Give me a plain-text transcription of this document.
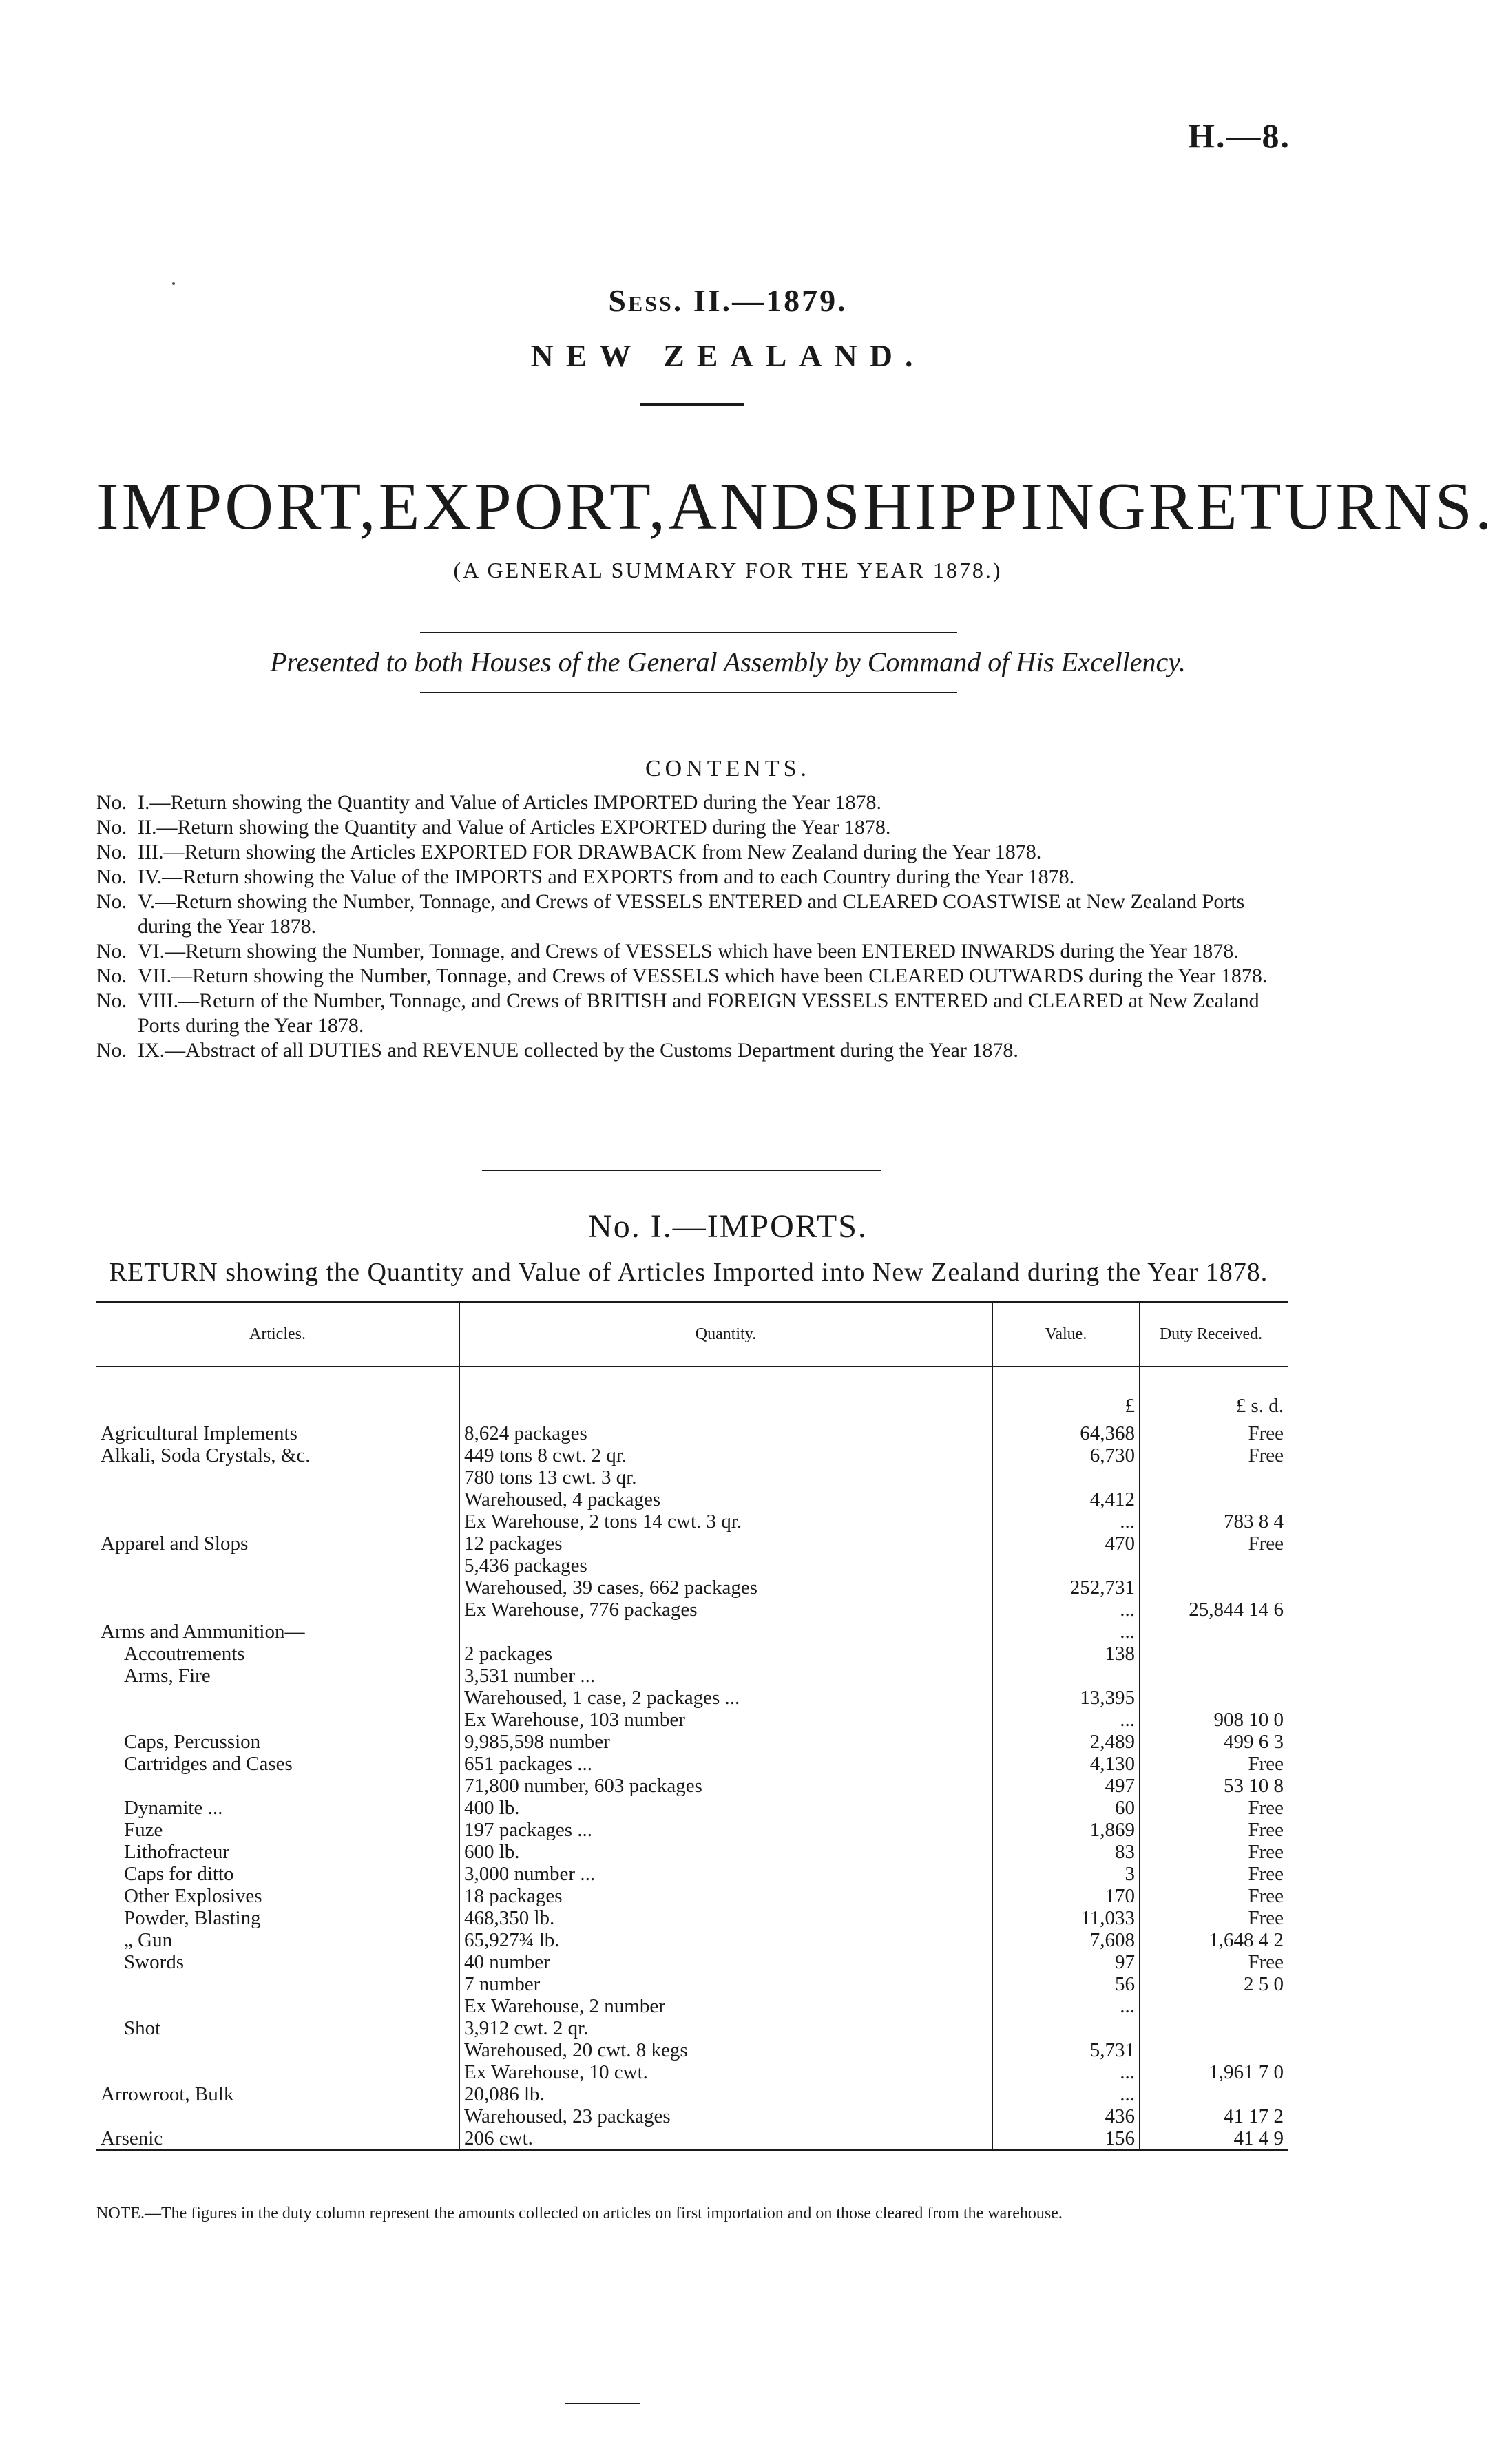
H.—8.
Sess. II.—1879.
NEW ZEALAND.
IMPORT, EXPORT, AND SHIPPING RETURNS.
(A GENERAL SUMMARY FOR THE YEAR 1878.)
Presented to both Houses of the General Assembly by Command of His Excellency.
CONTENTS.
No. I.—Return showing the Quantity and Value of Articles IMPORTED during the Year 1878.
No. II.—Return showing the Quantity and Value of Articles EXPORTED during the Year 1878.
No. III.—Return showing the Articles EXPORTED FOR DRAWBACK from New Zealand during the Year 1878.
No. IV.—Return showing the Value of the IMPORTS and EXPORTS from and to each Country during the Year 1878.
No. V.—Return showing the Number, Tonnage, and Crews of VESSELS ENTERED and CLEARED COASTWISE at New Zealand Ports during the Year 1878.
No. VI.—Return showing the Number, Tonnage, and Crews of VESSELS which have been ENTERED INWARDS during the Year 1878.
No. VII.—Return showing the Number, Tonnage, and Crews of VESSELS which have been CLEARED OUTWARDS during the Year 1878.
No. VIII.—Return of the Number, Tonnage, and Crews of BRITISH and FOREIGN VESSELS ENTERED and CLEARED at New Zealand Ports during the Year 1878.
No. IX.—Abstract of all DUTIES and REVENUE collected by the Customs Department during the Year 1878.
No. I.—IMPORTS.
RETURN showing the Quantity and Value of Articles Imported into New Zealand during the Year 1878.
Articles.	Quantity.	Value.	Duty Received.

		£	£ s. d.
Agricultural Implements	8,624 packages	64,368	Free
Alkali, Soda Crystals, &c.	449 tons 8 cwt. 2 qr.	6,730	Free
	780 tons 13 cwt. 3 qr.		
	Warehoused, 4 packages	4,412	
	Ex Warehouse, 2 tons 14 cwt. 3 qr.	...	783 8 4
Apparel and Slops	12 packages	470	Free
	5,436 packages		
	Warehoused, 39 cases, 662 packages	252,731	
	Ex Warehouse, 776 packages	...	25,844 14 6
Arms and Ammunition—		...	
Accoutrements	2 packages	138	
Arms, Fire	3,531 number ...		
	Warehoused, 1 case, 2 packages ...	13,395	
	Ex Warehouse, 103 number	...	908 10 0
Caps, Percussion	9,985,598 number	2,489	499 6 3
Cartridges and Cases	651 packages ...	4,130	Free
	71,800 number, 603 packages	497	53 10 8
Dynamite ...	400 lb.	60	Free
Fuze	197 packages ...	1,869	Free
Lithofracteur	600 lb.	83	Free
Caps for ditto	3,000 number ...	3	Free
Other Explosives	18 packages	170	Free
Powder, Blasting	468,350 lb.	11,033	Free
„ Gun	65,927¾ lb.	7,608	1,648 4 2
Swords	40 number	97	Free
	7 number	56	2 5 0
	Ex Warehouse, 2 number	...	
Shot	3,912 cwt. 2 qr.		
	Warehoused, 20 cwt. 8 kegs	5,731	
	Ex Warehouse, 10 cwt.	...	1,961 7 0
Arrowroot, Bulk	20,086 lb.	...	
	Warehoused, 23 packages	436	41 17 2
Arsenic	206 cwt.	156	41 4 9
NOTE.—The figures in the duty column represent the amounts collected on articles on first importation and on those cleared from the warehouse.
